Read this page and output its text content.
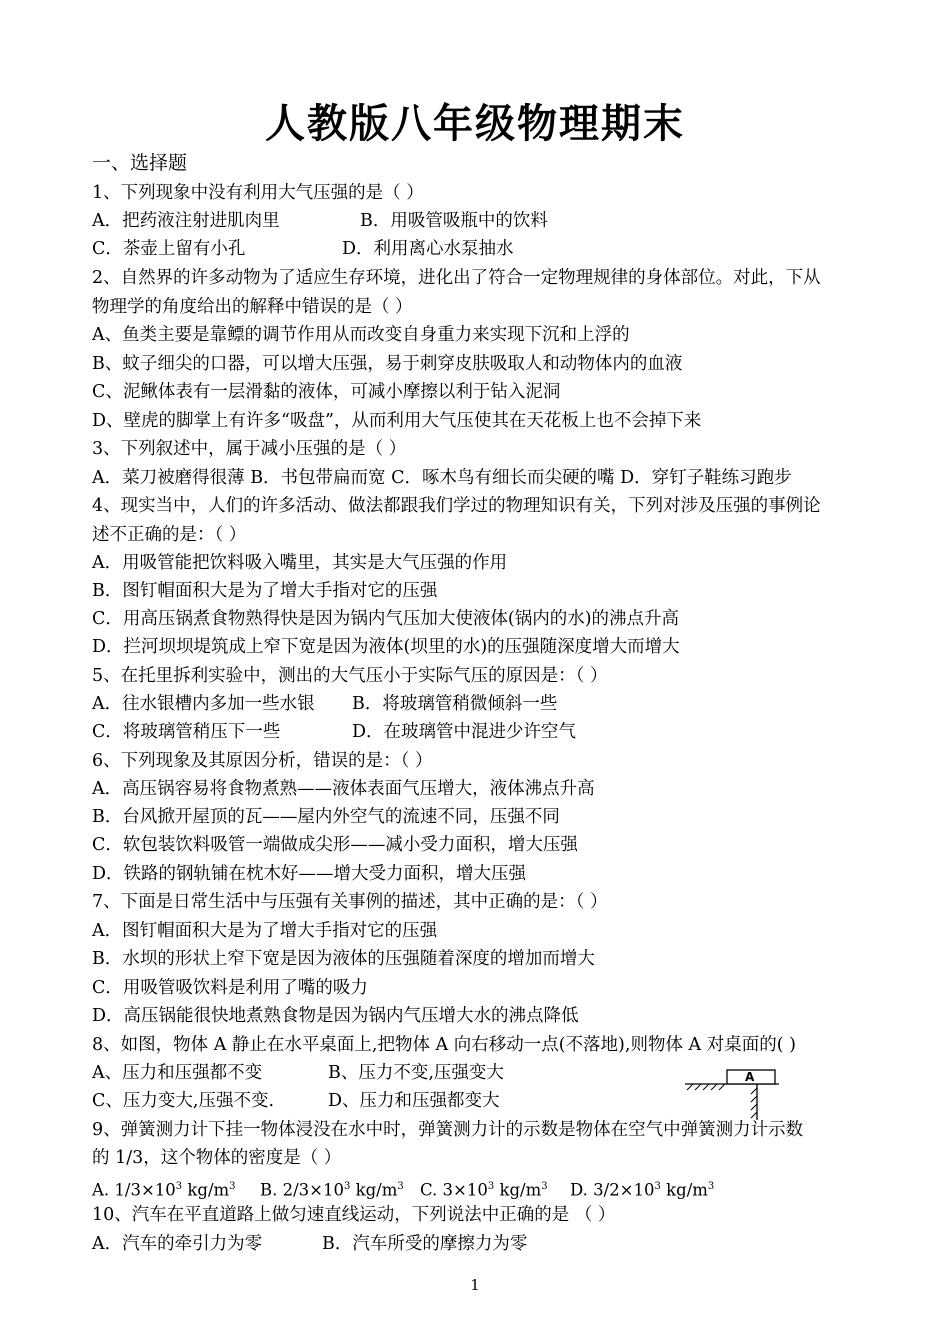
人教版八年级物理期末
一、选择题
1、下列现象中没有利用大气压强的是（ ）
A．把药液注射进肌肉里	B．用吸管吸瓶中的饮料
C．茶壶上留有小孔	D．利用离心水泵抽水
2、自然界的许多动物为了适应生存环境，进化出了符合一定物理规律的身体部位。对此，下从
物理学的角度给出的解释中错误的是（ ）
A、鱼类主要是靠鳔的调节作用从而改变自身重力来实现下沉和上浮的
B、蚊子细尖的口器，可以增大压强，易于刺穿皮肤吸取人和动物体内的血液
C、泥鳅体表有一层滑黏的液体，可减小摩擦以利于钻入泥洞
D、壁虎的脚掌上有许多“吸盘”，从而利用大气压使其在天花板上也不会掉下来
3、下列叙述中，属于减小压强的是（ ）
A．菜刀被磨得很薄 B．书包带扁而宽 C．啄木鸟有细长而尖硬的嘴 D．穿钉子鞋练习跑步
4、现实当中，人们的许多活动、做法都跟我们学过的物理知识有关，下列对涉及压强的事例论
述不正确的是：（ ）
A．用吸管能把饮料吸入嘴里，其实是大气压强的作用
B．图钉帽面积大是为了增大手指对它的压强
C．用高压锅煮食物熟得快是因为锅内气压加大使液体(锅内的水)的沸点升高
D．拦河坝坝堤筑成上窄下宽是因为液体(坝里的水)的压强随深度增大而增大
5、在托里拆利实验中，测出的大气压小于实际气压的原因是：（ ）
A．往水银槽内多加一些水银 B．将玻璃管稍微倾斜一些
C．将玻璃管稍压下一些	D．在玻璃管中混进少许空气
6、下列现象及其原因分析，错误的是：（ ）
A．高压锅容易将食物煮熟——液体表面气压增大，液体沸点升高
B．台风掀开屋顶的瓦——屋内外空气的流速不同，压强不同
C．软包装饮料吸管一端做成尖形——减小受力面积，增大压强
D．铁路的钢轨铺在枕木好——增大受力面积，增大压强
7、下面是日常生活中与压强有关事例的描述，其中正确的是：（ ）
A．图钉帽面积大是为了增大手指对它的压强
B．水坝的形状上窄下宽是因为液体的压强随着深度的增加而增大
C．用吸管吸饮料是利用了嘴的吸力
D．高压锅能很快地煮熟食物是因为锅内气压增大水的沸点降低
8、如图，物体 A 静止在水平桌面上,把物体 A 向右移动一点(不落地),则物体 A 对桌面的( )
A、压力和压强都不变	B、压力不变,压强变大
C、压力变大,压强不变.	D、压力和压强都变大
A
9、弹簧测力计下挂一物体浸没在水中时，弹簧测力计的示数是物体在空气中弹簧测力计示数
的 1/3，这个物体的密度是（ ）
A. $1/3\times 10^3$ $kg/m^3$ B. $2/3\times 10^3$ $kg/m^3$ C. $3\times 10^3$ $kg/m^3$ D. $3/2\times 10^3$ $kg/m^3$
10、汽车在平直道路上做匀速直线运动，下列说法中正确的是 （ ）
A．汽车的牵引力为零	B．汽车所受的摩擦力为零
1
